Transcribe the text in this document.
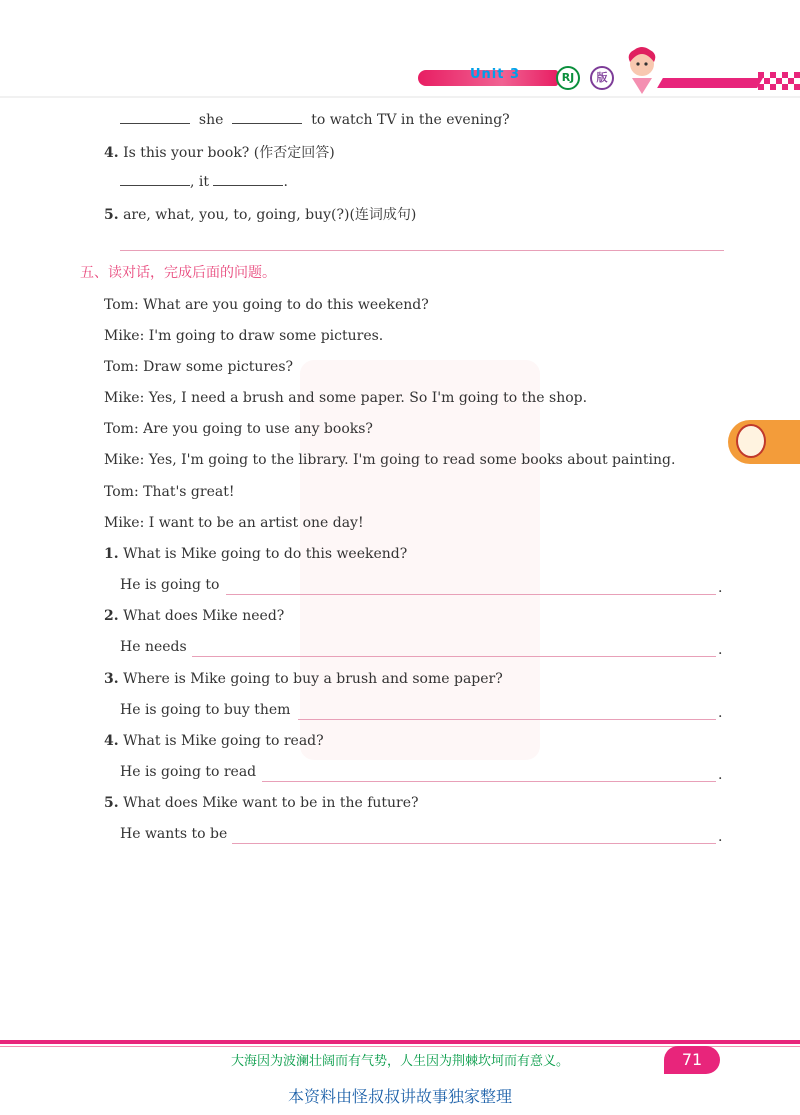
Unit 3	RJ	版
she	to watch TV in the evening?
4. Is this your book? (作否定回答)
, it	.
5. are, what, you, to, going, buy(?)(连词成句)
五、读对话，完成后面的问题。
Tom: What are you going to do this weekend?
Mike: I'm going to draw some pictures.
Tom: Draw some pictures?
Mike: Yes, I need a brush and some paper. So I'm going to the shop.
Tom: Are you going to use any books?
Mike: Yes, I'm going to the library. I'm going to read some books about painting.
Tom: That's great!
Mike: I want to be an artist one day!
1. What is Mike going to do this weekend?
He is going to	.
2. What does Mike need?
He needs	.
3. Where is Mike going to buy a brush and some paper?
He is going to buy them	.
4. What is Mike going to read?
He is going to read	.
5. What does Mike want to be in the future?
He wants to be	.
大海因为波澜壮阔而有气势，人生因为荆棘坎坷而有意义。	71
本资料由怪叔叔讲故事独家整理
